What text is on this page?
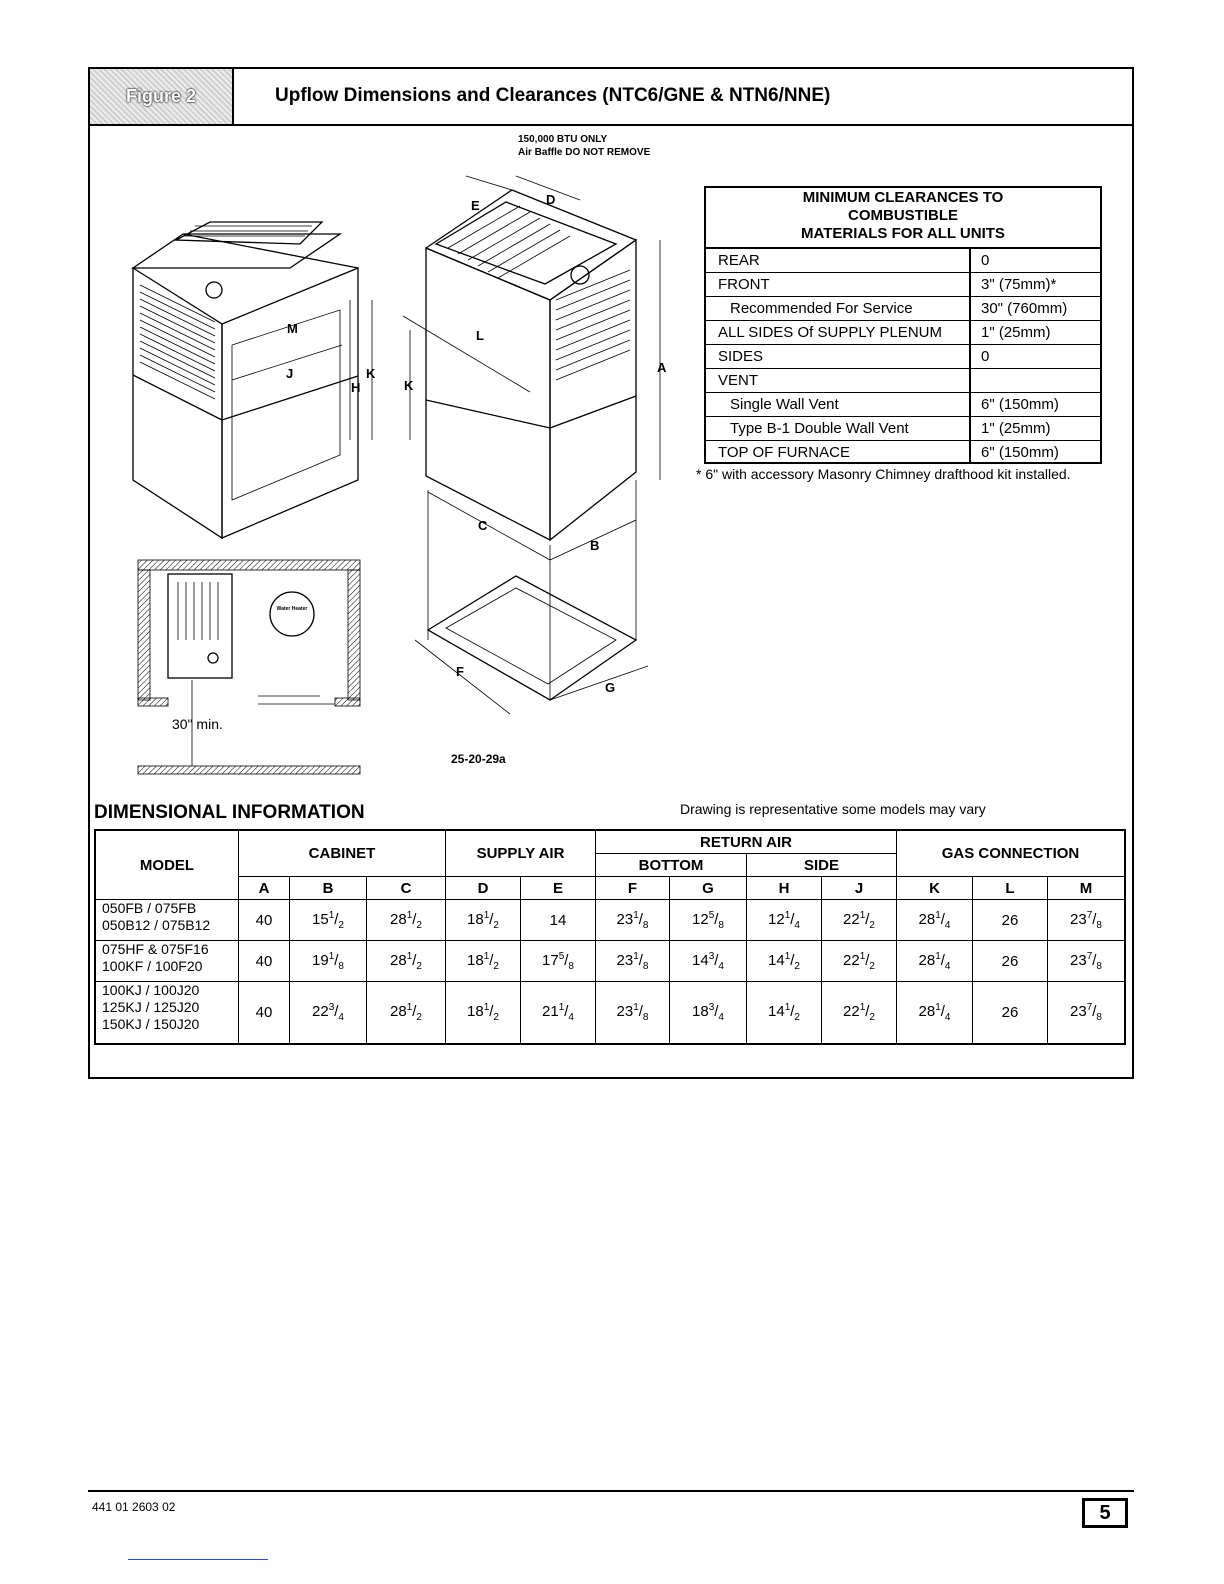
Figure 2	Upflow Dimensions and Clearances (NTC6/GNE & NTN6/NNE)
150,000 BTU ONLY
Air Baffle DO NOT REMOVE
M
J
H
K
L
K
A
E	D
C
B
F
G
Water Heater
30" min.
25-20-29a
MINIMUM CLEARANCES TO
COMBUSTIBLE
MATERIALS FOR ALL UNITS
REAR	0
FRONT	3" (75mm)*
Recommended For Service	30" (760mm)
ALL SIDES Of SUPPLY PLENUM	1" (25mm)
SIDES	0
VENT
Single Wall Vent	6" (150mm)
Type B-1 Double Wall Vent	1" (25mm)
TOP OF FURNACE	6" (150mm)
* 6" with accessory Masonry Chimney drafthood kit installed.
DIMENSIONAL INFORMATION	Drawing is representative some models may vary
MODEL
CABINET	SUPPLY AIR
RETURN AIR
BOTTOM	SIDE
GAS CONNECTION
A	B	C	D	E	F	G	H	J	K	L	M
050FB / 075FB
050B12 / 075B12	40	$15^1/_2$	$28^1/_2$	$18^1/_2$	14	$23^1/_8$	$12^5/_8$	$12^1/_4$	$22^1/_2$	$28^1/_4$	26	$23^7/_8$
075HF & 075F16
100KF / 100F20	40	$19^1/_8$	$28^1/_2$	$18^1/_2$	$17^5/_8$	$23^1/_8$	$14^3/_4$	$14^1/_2$	$22^1/_2$	$28^1/_4$	26	$23^7/_8$
100KJ / 100J20
125KJ / 125J20
150KJ / 150J20
40	$22^3/_4$	$28^1/_2$	$18^1/_2$	$21^1/_4$	$23^1/_8$	$18^3/_4$	$14^1/_2$	$22^1/_2$	$28^1/_4$	26	$23^7/_8$
441 01 2603 02	5
